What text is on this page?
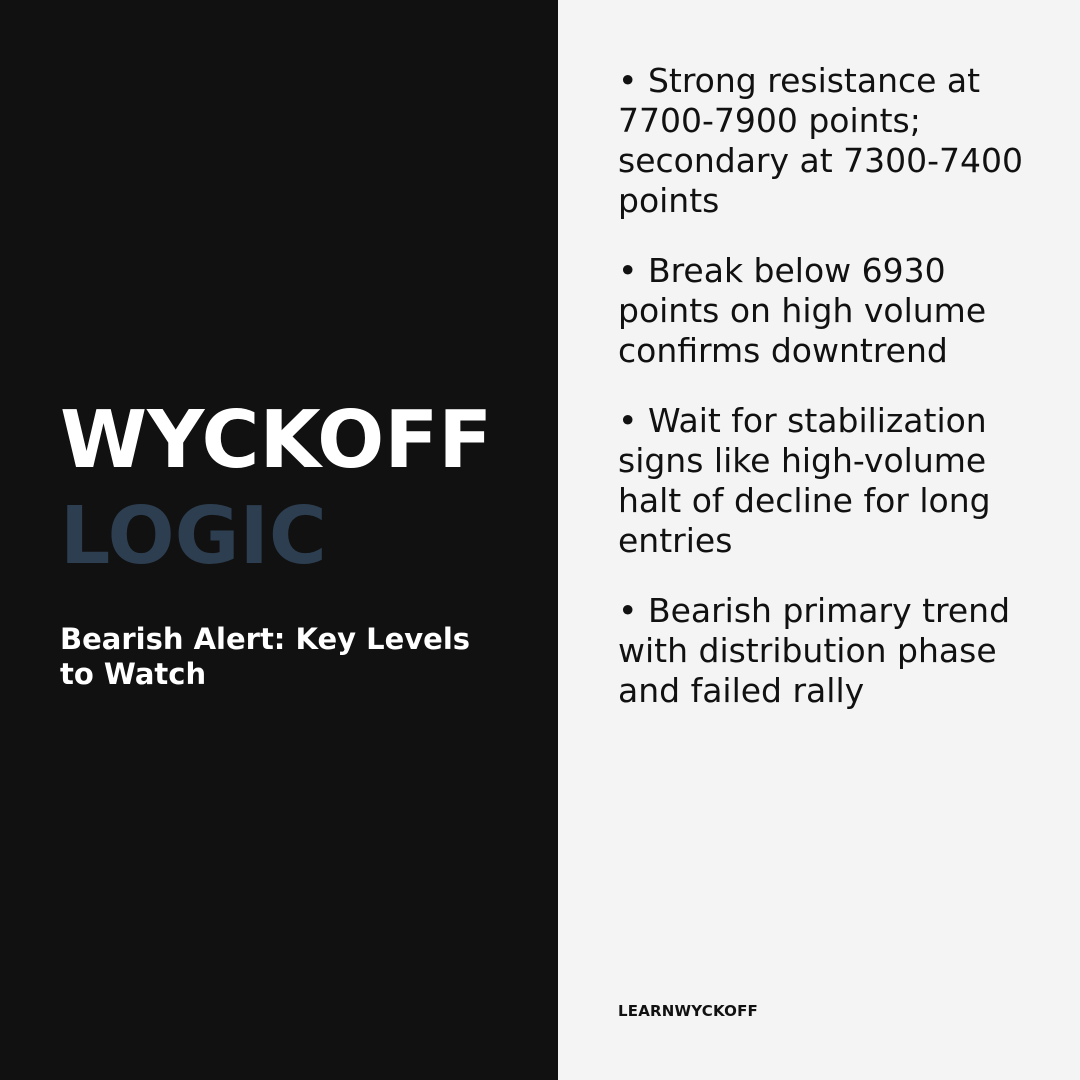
WYCKOFF

LOGIC

Bearish Alert: Key Levels to Watch

• Strong resistance at 7700-7900 points; secondary at 7300-7400 points
• Break below 6930 points on high volume confirms downtrend
• Wait for stabilization signs like high-volume halt of decline for long entries
• Bearish primary trend with distribution phase and failed rally
LEARNWYCKOFF
